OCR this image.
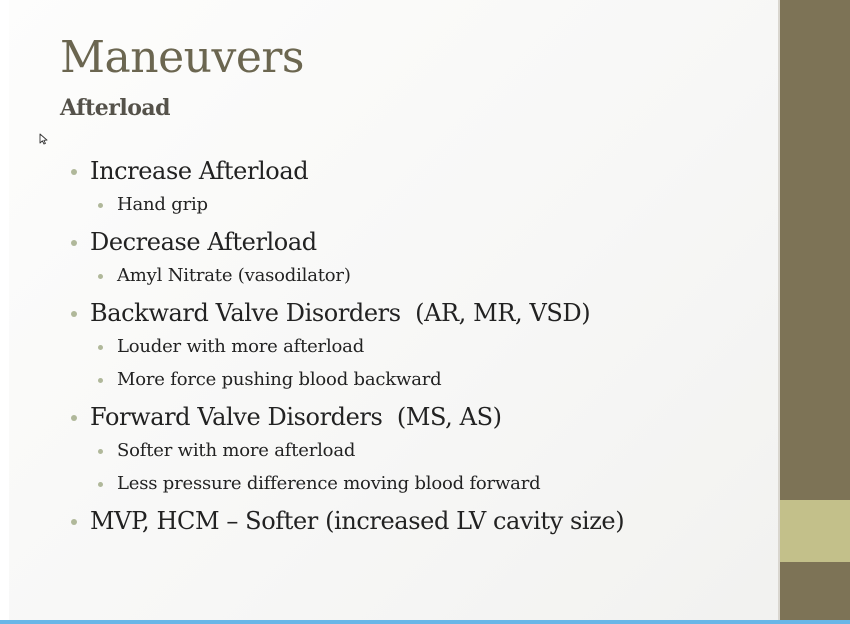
Maneuvers
Afterload
Increase Afterload
Hand grip
Decrease Afterload
Amyl Nitrate (vasodilator)
Backward Valve Disorders  (AR, MR, VSD)
Louder with more afterload
More force pushing blood backward
Forward Valve Disorders  (MS, AS)
Softer with more afterload
Less pressure difference moving blood forward
MVP, HCM – Softer (increased LV cavity size)
